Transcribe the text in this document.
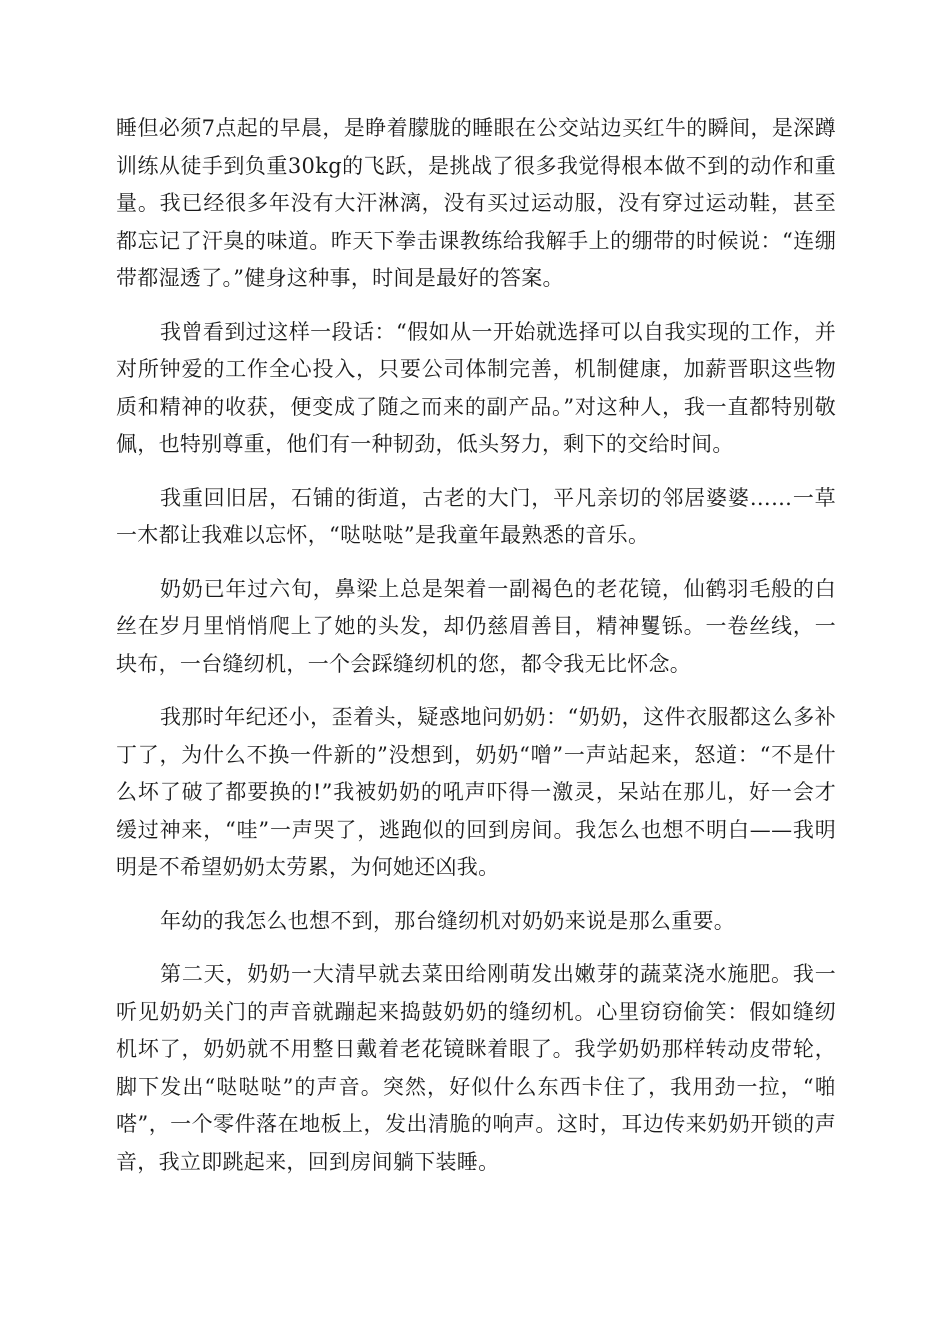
睡但必须7点起的早晨，是睁着朦胧的睡眼在公交站边买红牛的瞬间，是深蹲训练从徒手到负重30kg的飞跃，是挑战了很多我觉得根本做不到的动作和重量。我已经很多年没有大汗淋漓，没有买过运动服，没有穿过运动鞋，甚至都忘记了汗臭的味道。昨天下拳击课教练给我解手上的绷带的时候说：“连绷带都湿透了。”健身这种事，时间是最好的答案。

我曾看到过这样一段话：“假如从一开始就选择可以自我实现的工作，并对所钟爱的工作全心投入，只要公司体制完善，机制健康，加薪晋职这些物质和精神的收获，便变成了随之而来的副产品。”对这种人，我一直都特别敬佩，也特别尊重，他们有一种韧劲，低头努力，剩下的交给时间。

我重回旧居，石铺的街道，古老的大门，平凡亲切的邻居婆婆……一草一木都让我难以忘怀，“哒哒哒”是我童年最熟悉的音乐。

奶奶已年过六旬，鼻梁上总是架着一副褐色的老花镜，仙鹤羽毛般的白丝在岁月里悄悄爬上了她的头发，却仍慈眉善目，精神矍铄。一卷丝线，一块布，一台缝纫机，一个会踩缝纫机的您，都令我无比怀念。

我那时年纪还小，歪着头，疑惑地问奶奶：“奶奶，这件衣服都这么多补丁了，为什么不换一件新的”没想到，奶奶“噌”一声站起来，怒道：“不是什么坏了破了都要换的!”我被奶奶的吼声吓得一激灵，呆站在那儿，好一会才缓过神来，“哇”一声哭了，逃跑似的回到房间。我怎么也想不明白——我明明是不希望奶奶太劳累，为何她还凶我。

年幼的我怎么也想不到，那台缝纫机对奶奶来说是那么重要。

第二天，奶奶一大清早就去菜田给刚萌发出嫩芽的蔬菜浇水施肥。我一听见奶奶关门的声音就蹦起来捣鼓奶奶的缝纫机。心里窃窃偷笑：假如缝纫机坏了，奶奶就不用整日戴着老花镜眯着眼了。我学奶奶那样转动皮带轮，脚下发出“哒哒哒”的声音。突然，好似什么东西卡住了，我用劲一拉，“啪嗒”，一个零件落在地板上，发出清脆的响声。这时，耳边传来奶奶开锁的声音，我立即跳起来，回到房间躺下装睡。
